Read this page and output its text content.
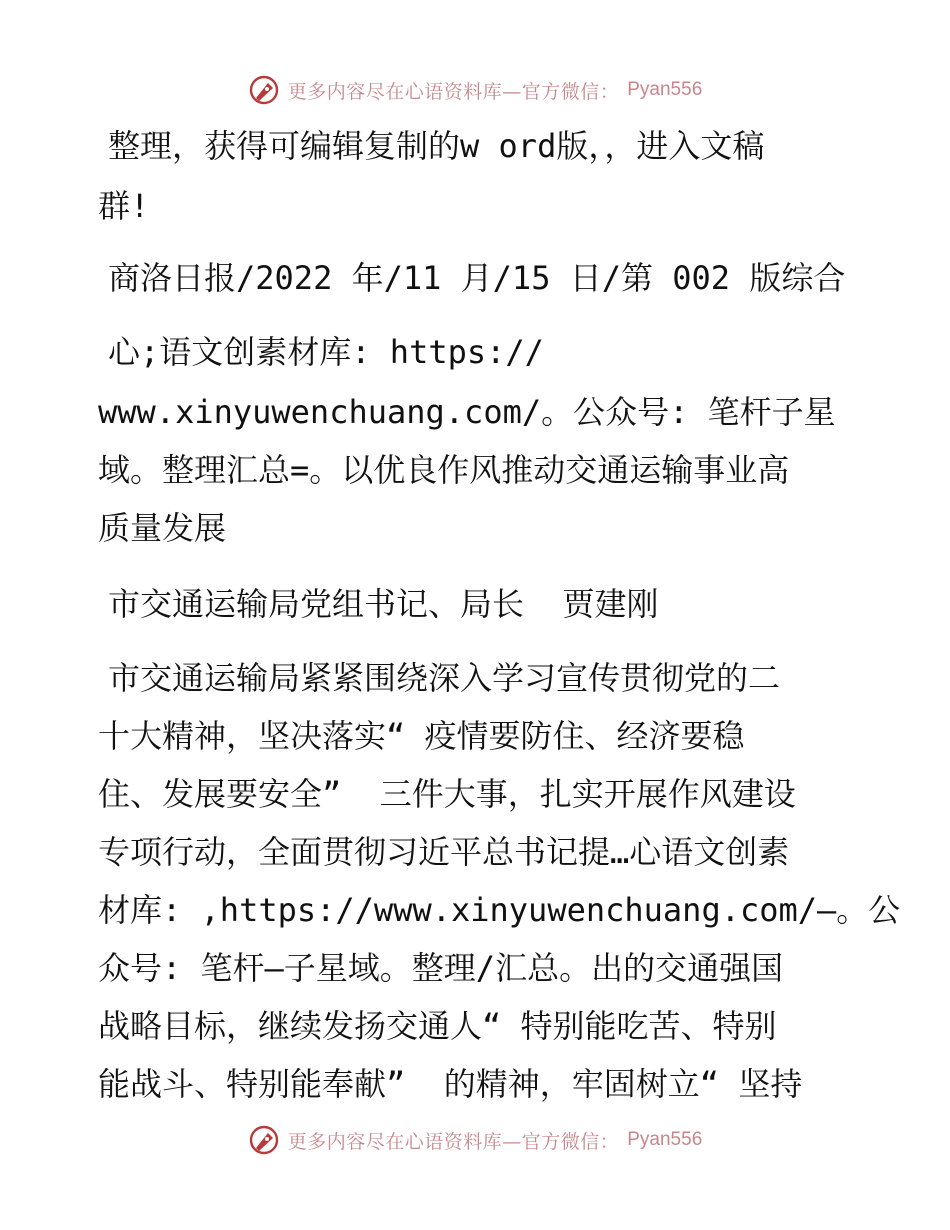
更多内容尽在心语资料库—官方微信： Pyan556
整理，获得可编辑复制的w ord版，，进入文稿
群!
商洛日报/2022 年/11 月/15 日/第 002 版综合
心;语文创素材库: https://
www.xinyuwenchuang.com/。公众号: 笔杆子星
域。整理汇总=。以优良作风推动交通运输事业高
质量发展
市交通运输局党组书记、局长  贾建刚
市交通运输局紧紧围绕深入学习宣传贯彻党的二
十大精神，坚决落实“ 疫情要防住、经济要稳
住、发展要安全”  三件大事，扎实开展作风建设
专项行动，全面贯彻习近平总书记提…心语文创素
材库: ,https://www.xinyuwenchuang.com/—。公
众号: 笔杆—子星域。整理/汇总。出的交通强国
战略目标，继续发扬交通人“ 特别能吃苦、特别
能战斗、特别能奉献”  的精神，牢固树立“ 坚持
更多内容尽在心语资料库—官方微信： Pyan556
